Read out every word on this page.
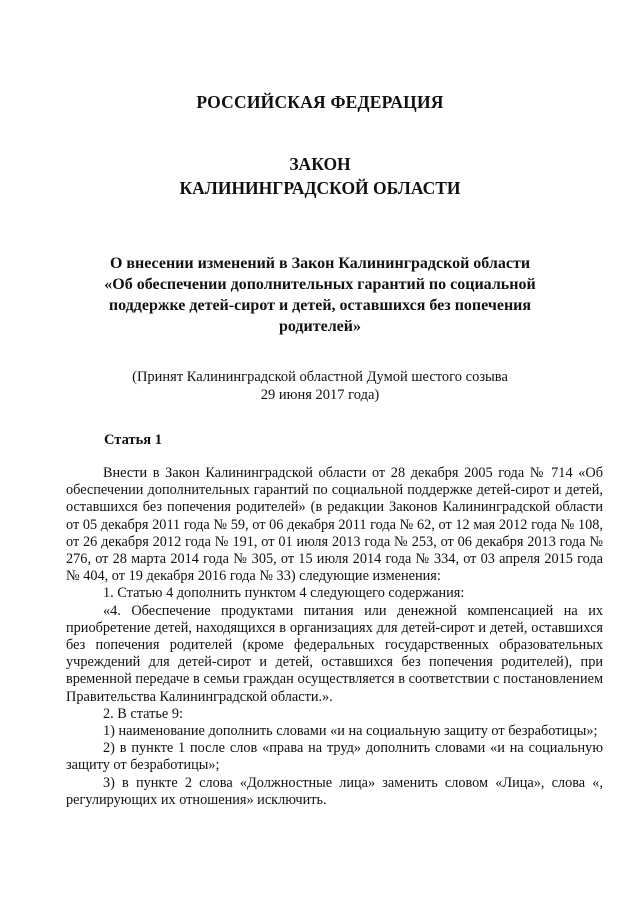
РОССИЙСКАЯ ФЕДЕРАЦИЯ
ЗАКОН
КАЛИНИНГРАДСКОЙ ОБЛАСТИ
О внесении изменений в Закон Калининградской области
«Об обеспечении дополнительных гарантий по социальной
поддержке детей-сирот и детей, оставшихся без попечения
родителей»
(Принят Калининградской областной Думой шестого созыва
29 июня 2017 года)
Статья 1

Внести в Закон Калининградской области от 28 декабря 2005 года № 714 «Об обеспечении дополнительных гарантий по социальной поддержке детей-сирот и детей, оставшихся без попечения родителей» (в редакции Законов Калининградской области от 05 декабря 2011 года № 59, от 06 декабря 2011 года № 62, от 12 мая 2012 года № 108, от 26 декабря 2012 года № 191, от 01 июля 2013 года № 253, от 06 декабря 2013 года № 276, от 28 марта 2014 года № 305, от 15 июля 2014 года № 334, от 03 апреля 2015 года № 404, от 19 декабря 2016 года № 33) следующие изменения:

1. Статью 4 дополнить пунктом 4 следующего содержания:

«4. Обеспечение продуктами питания или денежной компенсацией на их приобретение детей, находящихся в организациях для детей-сирот и детей, оставшихся без попечения родителей (кроме федеральных государственных образовательных учреждений для детей-сирот и детей, оставшихся без попечения родителей), при временной передаче в семьи граждан осуществляется в соответствии с постановлением Правительства Калининградской области.».

2. В статье 9:

1) наименование дополнить словами «и на социальную защиту от безработицы»;

2) в пункте 1 после слов «права на труд» дополнить словами «и на социальную защиту от безработицы»;

3) в пункте 2 слова «Должностные лица» заменить словом «Лица», слова «, регулирующих их отношения» исключить.
